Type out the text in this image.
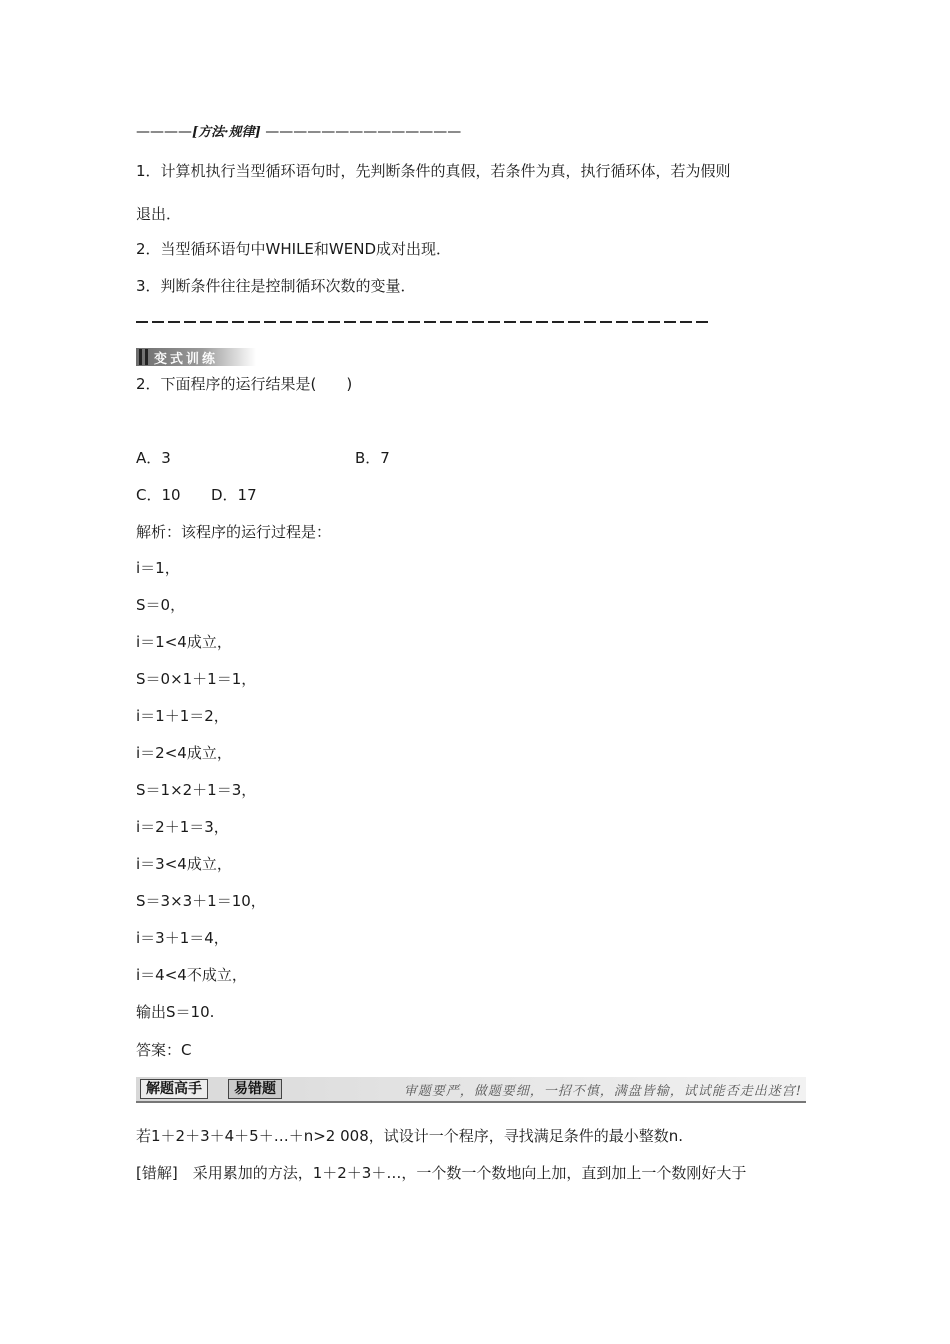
————[方法·规律] ——————————————
1．计算机执行当型循环语句时，先判断条件的真假，若条件为真，执行循环体，若为假则
退出．
2．当型循环语句中WHILE和WEND成对出现．
3．判断条件往往是控制循环次数的变量．
变式训练
2．下面程序的运行结果是(　　)
A．3	B．7
C．10 D．17
解析：该程序的运行过程是：
i＝1，
S＝0，
i＝1<4成立，
S＝0×1＋1＝1，
i＝1＋1＝2，
i＝2<4成立，
S＝1×2＋1＝3，
i＝2＋1＝3，
i＝3<4成立，
S＝3×3＋1＝10，
i＝3＋1＝4，
i＝4<4不成立，
输出S＝10.
答案：C
解题高手	易错题	审题要严，做题要细，一招不慎，满盘皆输，试试能否走出迷宫!
若1＋2＋3＋4＋5＋…＋n>2 008，试设计一个程序，寻找满足条件的最小整数n.
[错解]　采用累加的方法，1＋2＋3＋…，一个数一个数地向上加，直到加上一个数刚好大于
